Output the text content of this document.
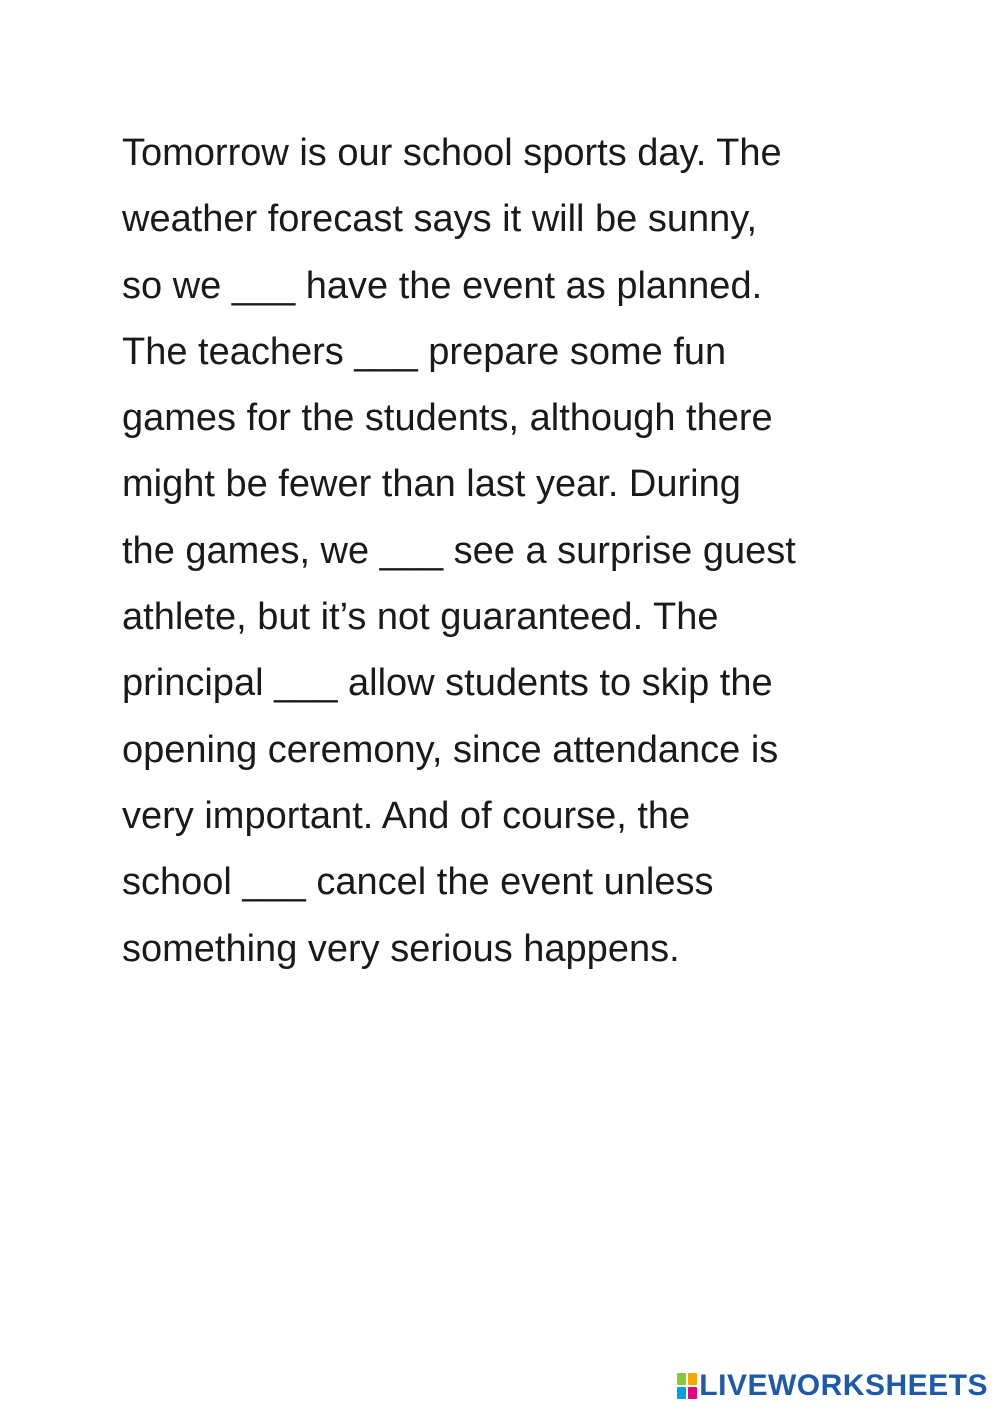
Tomorrow is our school sports day. The
weather forecast says it will be sunny,
so we ___ have the event as planned.
The teachers ___ prepare some fun
games for the students, although there
might be fewer than last year. During
the games, we ___ see a surprise guest
athlete, but it’s not guaranteed. The
principal ___ allow students to skip the
opening ceremony, since attendance is
very important. And of course, the
school ___ cancel the event unless
something very serious happens.
LIVEWORKSHEETS
